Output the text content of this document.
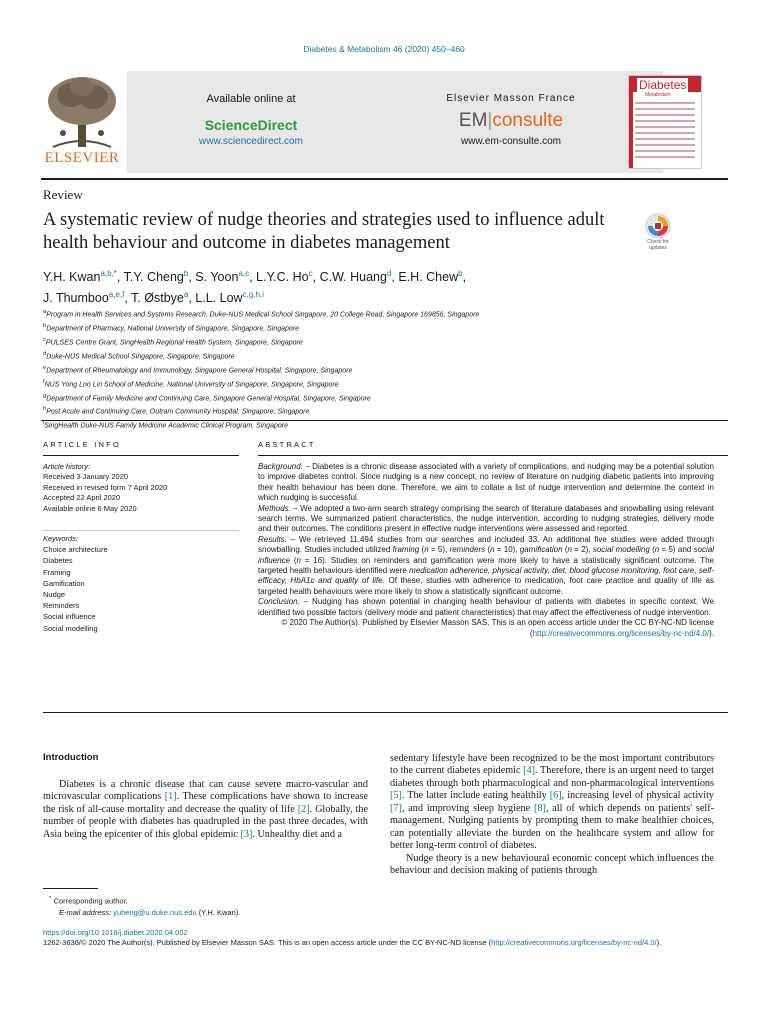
Diabetes & Metabolism 46 (2020) 450–460
ELSEVIER
Available online at
ScienceDirect
www.sciencedirect.com
Elsevier Masson France
EM|consulte
www.em-consulte.com
Diabetes
Metabolism
Review
A systematic review of nudge theories and strategies used to influence adult health behaviour and outcome in diabetes management	Check for updates
Y.H. Kwan$^{a,b,*}$, T.Y. Cheng$^b$, S. Yoon$^{a,c}$, L.Y.C. Ho$^c$, C.W. Huang$^d$, E.H. Chew$^b$,
J. Thumboo$^{a,e,f}$, T. Østbye$^a$, L.L. Low$^{c,g,h,i}$
$^a$Program in Health Services and Systems Research, Duke-NUS Medical School Singapore, 20 College Road, Singapore 169856, Singapore
$^b$Department of Pharmacy, National University of Singapore, Singapore, Singapore
$^c$PULSES Centre Grant, SingHealth Regional Health System, Singapore, Singapore
$^d$Duke-NUS Medical School Singapore, Singapore, Singapore
$^e$Department of Rheumatology and Immunology, Singapore General Hospital, Singapore, Singapore
$^f$NUS Yong Loo Lin School of Medicine, National University of Singapore, Singapore, Singapore
$^g$Department of Family Medicine and Continuing Care, Singapore General Hospital, Singapore, Singapore
$^h$Post Acute and Continuing Care, Outram Community Hospital, Singapore, Singapore
$^i$SingHealth Duke-NUS Family Medicine Academic Clinical Program, Singapore
ARTICLE INFO	ABSTRACT
Article history:
Received 3 January 2020
Received in revised form 7 April 2020
Accepted 22 April 2020
Available online 6 May 2020
Keywords:
Choice architecture
Diabetes
Framing
Gamification
Nudge
Reminders
Social influence
Social modelling

Background. – Diabetes is a chronic disease associated with a variety of complications, and nudging may be a potential solution to improve diabetes control. Since nudging is a new concept, no review of literature on nudging diabetic patients into improving their health behaviour has been done. Therefore, we aim to collate a list of nudge intervention and determine the context in which nudging is successful.

Methods. – We adopted a two-arm search strategy comprising the search of literature databases and snowballing using relevant search terms. We summarized patient characteristics, the nudge intervention, according to nudging strategies, delivery mode and their outcomes. The conditions present in effective nudge interventions were assessed and reported.

Results. – We retrieved 11,494 studies from our searches and included 33. An additional five studies were added through snowballing. Studies included utilized framing (n = 5), reminders (n = 10), gamification (n = 2), social modelling (n = 5) and social influence (n = 16). Studies on reminders and gamification were more likely to have a statistically significant outcome. The targeted health behaviours identified were medication adherence, physical activity, diet, blood glucose monitoring, foot care, self-efficacy, HbA1c and quality of life. Of these, studies with adherence to medication, foot care practice and quality of life as targeted health behaviours were more likely to show a statistically significant outcome.

Conclusion. – Nudging has shown potential in changing health behaviour of patients with diabetes in specific context. We identified two possible factors (delivery mode and patient characteristics) that may affect the effectiveness of nudge intervention.

© 2020 The Author(s). Published by Elsevier Masson SAS. This is an open access article under the CC BY-NC-ND license (http://creativecommons.org/licenses/by-nc-nd/4.0/).

Introduction
Diabetes is a chronic disease that can cause severe macro-vascular and microvascular complications [1]. These complications have shown to increase the risk of all-cause mortality and decrease the quality of life [2]. Globally, the number of people with diabetes has quadrupled in the past three decades, with Asia being the epicenter of this global epidemic [3]. Unhealthy diet and a
sedentary lifestyle have been recognized to be the most important contributors to the current diabetes epidemic [4]. Therefore, there is an urgent need to target diabetes through both pharmacological and non-pharmacological interventions [5]. The latter include eating healthily [6], increasing level of physical activity [7], and improving sleep hygiene [8], all of which depends on patients' self-management. Nudging patients by prompting them to make healthier choices, can potentially alleviate the burden on the healthcare system and allow for better long-term control of diabetes.
Nudge theory is a new behavioural economic concept which influences the behaviour and decision making of patients through
* Corresponding author.
E-mail address: yuheng@u.duke.nus.edu (Y.H. Kwan).
https://doi.org/10.1016/j.diabet.2020.04.002
1262-3636/© 2020 The Author(s). Published by Elsevier Masson SAS. This is an open access article under the CC BY-NC-ND license (http://creativecommons.org/licenses/by-nc-nd/4.0/).
